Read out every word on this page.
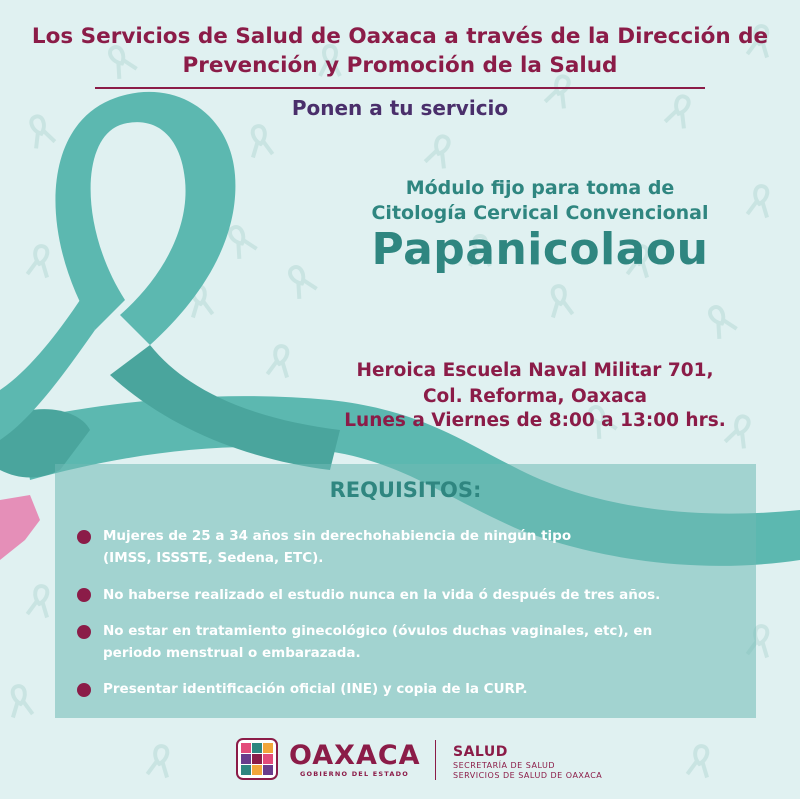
Los Servicios de Salud de Oaxaca a través de la Dirección de
Prevención y Promoción de la Salud
Ponen a tu servicio
Módulo fijo para toma de
Citología Cervical Convencional
Papanicolaou
Heroica Escuela Naval Militar 701,
Col. Reforma, Oaxaca
Lunes a Viernes de 8:00 a 13:00 hrs.
REQUISITOS:
Mujeres de 25 a 34 años sin derechohabiencia de ningún tipo
(IMSS, ISSSTE, Sedena, ETC).
No haberse realizado el estudio nunca en la vida ó después de tres años.
No estar en tratamiento ginecológico (óvulos duchas vaginales, etc), en
periodo menstrual o embarazada.
Presentar identificación oficial (INE) y copia de la CURP.
OAXACA
GOBIERNO DEL ESTADO
SALUD
SECRETARÍA DE SALUD
SERVICIOS DE SALUD DE OAXACA
